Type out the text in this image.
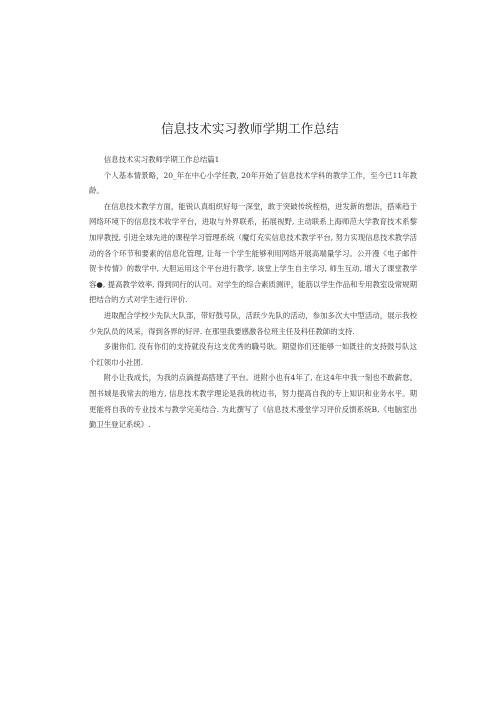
信息技术实习教师学期工作总结

信息技术实习教师学期工作总结篇1

个人基本情景略，20_年在中心小学任教, 20年开始了信息技术学科的教学工作，至今已11年教龄。

在信息技术教学方面，能锐认真组织好每一深堂，敢于突破传统桎梏，迸发新的想法，搭乘趋于网络环境下的信息技术收学平台，进取与外界联系，拓展视野, 主动联系上海师范大学教育技术系黎加岸教授, 引进全球先进的课程学习管理系统（魔灯充实信息技术教学平台, 努力实现信息技术教学活动的各个环节和要素的信息化管理, 让每一个学生能够利用网络开展高端量学习。公开漫《电子邮件贺卡传情》的数学中, 大胆运用这个平台进行教学, 该堂上学生自主学习, 师生互动, 增大了课堂教学容●, 提高教学效率, 得到同行的认可。对学生的综合素质测评，能筋以学生作品和专用教室设常规期把结合的方式对学生迸行评价.

进取配合学校少先队大队部，带好鼓号队，活跃少先队的活动，参加多次大中型活动，展示我校少先队员的风采，得到各界的好评. 在那里我要感激各位班主任及科任教師的支持.

多谢你们, 没有你们的支持就没有这支优秀的職号耿。期望你们还能够一如既往的支持鼓号队这个红领巾小社团.

附小让我成长，为我的点滴提高搭建了平台。进附小也有4年了, 在这4年中我一刻也不敢薪怠。图书城是我常去的地方, 信息技术教学理论是我的枕边书，努力提高自我的专上知识和业务水平。期更能将自我的专业技术与教学完美结合. 为此撰写了《信息技术漫堂学习评价反馈系统B,《电脑室出勤卫生登记系统》.
